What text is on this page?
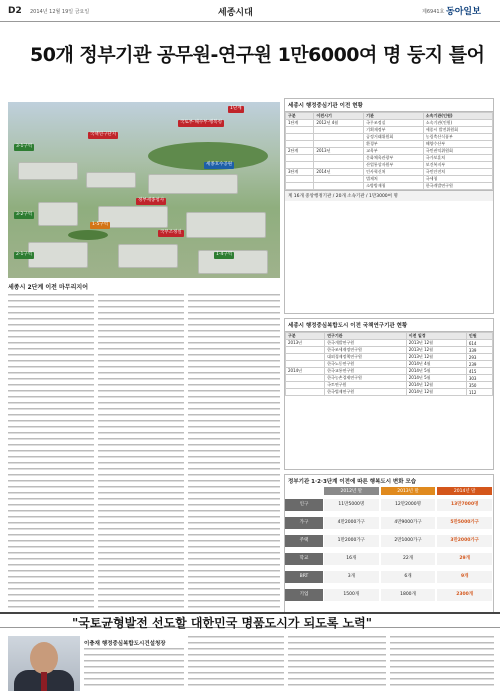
D2 2014년 12월 19일 금요일	세종시대	제6941호 동아일보
50개 정부기관 공무원-연구원 1만6000여 명 둥지 틀어
1단계
국토부·해수부·행복청
3-1구역
국책연구단지
3-2구역
세종호수공원
2-1구역
정부세종청사
1-5구역
국무조정실
1-4구역
세종시 2단계 이전 마무리지어
세종시 행정중심기관 이전 현황
구분	이전시기	기관	소속기관(인원)
1단계	2012년 4월	국무조정실	소속기관(인원)
		기획재정부	세종시 발전위원회
		공정거래위원회	농림축산식품부
		환경부	해양수산부
2단계	2013년	교육부	국민권익위원회
		문화체육관광부	국가보훈처
		산업통상자원부	보건복지부
3단계	2014년	인사혁신처	국민안전처
		법제처	국세청
		소방방재청	한국개발연구원
계 16개 중앙행정기관 / 20개 소속기관 / 1만3000여 명
세종시 행정중심복합도시 이전 국책연구기관 현황
구분	연구기관	이전 일정	인원
2013년	한국개발연구원	2013년 12월	614
	한국조세재정연구원	2013년 12월	339
	대외경제정책연구원	2013년 12월	293
	한국노동연구원	2014년 4월	239
2014년	한국교통연구원	2014년 5월	415
	한국농촌경제연구원	2014년 5월	303
	국토연구원	2014년 12월	350
	한국법제연구원	2014년 12월	112
정부기관 1·2·3단계 이전에 따른 행복도시 변화 모습
2012년 말	2013년 말	2014년 말
인구	11만5000명	12만2000명	13만7000명
가구	4만2000가구	4만9000가구	5만5000가구
주택	1만2000가구	2만1000가구	3만2000가구
학교	16개	22개	29개
BRT	3개	6개	9개
기업	1500개	1800개	2300개
"국토균형발전 선도할 대한민국 명품도시가 되도록 노력"
이충재 행정중심복합도시건설청장
